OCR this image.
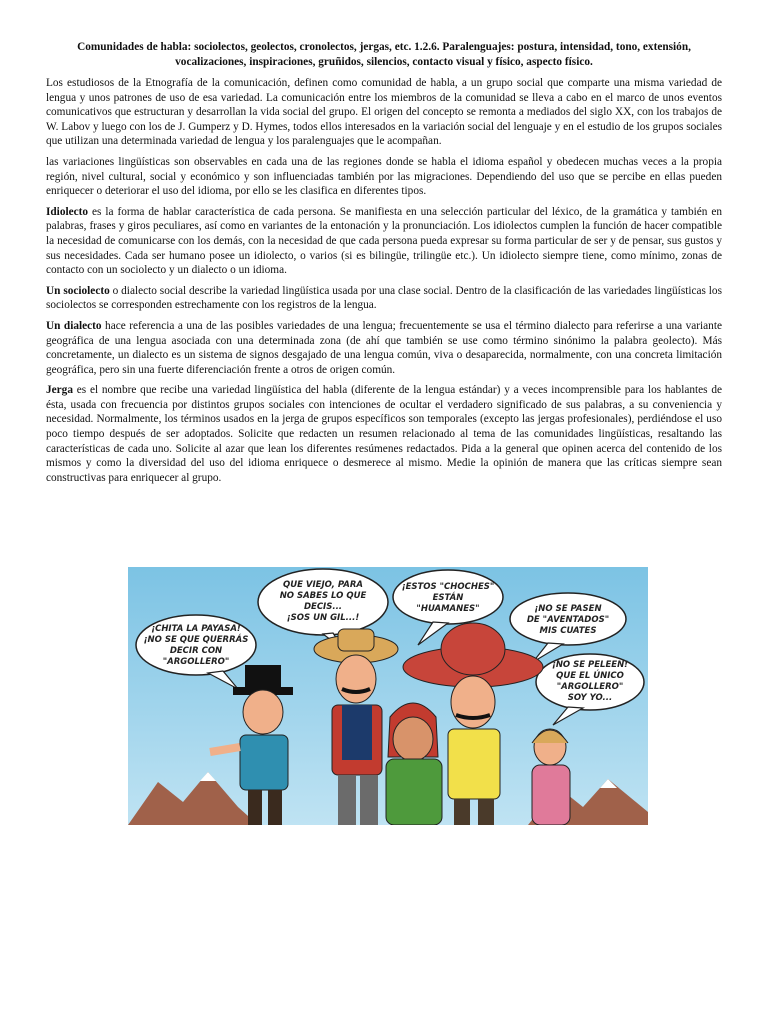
Comunidades de habla: sociolectos, geolectos, cronolectos, jergas, etc. 1.2.6. Paralenguajes: postura, intensidad, tono, extensión, vocalizaciones, inspiraciones, gruñidos, silencios, contacto visual y físico, aspecto físico.

Los estudiosos de la Etnografía de la comunicación, definen como comunidad de habla, a un grupo social que comparte una misma variedad de lengua y unos patrones de uso de esa variedad. La comunicación entre los miembros de la comunidad se lleva a cabo en el marco de unos eventos comunicativos que estructuran y desarrollan la vida social del grupo. El origen del concepto se remonta a mediados del siglo XX, con los trabajos de W. Labov y luego con los de J. Gumperz y D. Hymes, todos ellos interesados en la variación social del lenguaje y en el estudio de los grupos sociales que utilizan una determinada variedad de lengua y los paralenguajes que le acompañan.

las variaciones lingüísticas son observables en cada una de las regiones donde se habla el idioma español y obedecen muchas veces a la propia región, nivel cultural, social y económico y son influenciadas también por las migraciones. Dependiendo del uso que se percibe en ellas pueden enriquecer o deteriorar el uso del idioma, por ello se les clasifica en diferentes tipos.

Idiolecto es la forma de hablar característica de cada persona. Se manifiesta en una selección particular del léxico, de la gramática y también en palabras, frases y giros peculiares, así como en variantes de la entonación y la pronunciación. Los idiolectos cumplen la función de hacer compatible la necesidad de comunicarse con los demás, con la necesidad de que cada persona pueda expresar su forma particular de ser y de pensar, sus gustos y sus necesidades. Cada ser humano posee un idiolecto, o varios (si es bilingüe, trilingüe etc.). Un idiolecto siempre tiene, como mínimo, zonas de contacto con un sociolecto y un dialecto o un idioma.

Un sociolecto o dialecto social describe la variedad lingüística usada por una clase social. Dentro de la clasificación de las variedades lingüísticas los sociolectos se corresponden estrechamente con los registros de la lengua.

Un dialecto hace referencia a una de las posibles variedades de una lengua; frecuentemente se usa el término dialecto para referirse a una variante geográfica de una lengua asociada con una determinada zona (de ahí que también se use como término sinónimo la palabra geolecto). Más concretamente, un dialecto es un sistema de signos desgajado de una lengua común, viva o desaparecida, normalmente, con una concreta limitación geográfica, pero sin una fuerte diferenciación frente a otros de origen común.

Jerga es el nombre que recibe una variedad lingüística del habla (diferente de la lengua estándar) y a veces incomprensible para los hablantes de ésta, usada con frecuencia por distintos grupos sociales con intenciones de ocultar el verdadero significado de sus palabras, a su conveniencia y necesidad. Normalmente, los términos usados en la jerga de grupos específicos son temporales (excepto las jergas profesionales), perdiéndose el uso poco tiempo después de ser adoptados. Solicite que redacten un resumen relacionado al tema de las comunidades lingüísticas, resaltando las características de cada uno. Solicite al azar que lean los diferentes resúmenes redactados. Pida a la general que opinen acerca del contenido de los mismos y como la diversidad del uso del idioma enriquece o desmerece al mismo. Medie la opinión de manera que las críticas siempre sean constructivas para enriquecer al grupo.

¡CHITA LA PAYASA!
¡NO SE QUE QUERRÁS
DECIR CON
"ARGOLLERO"
QUE VIEJO, PARA
NO SABES LO QUE
DECIS...
¡SOS UN GIL...!
¡ESTOS "CHOCHES"
ESTÁN
"HUAMANES"	¡NO SE PASEN
DE "AVENTADOS"
MIS CUATES
¡NO SE PELEEN!
QUE EL ÚNICO
"ARGOLLERO"
SOY YO...
